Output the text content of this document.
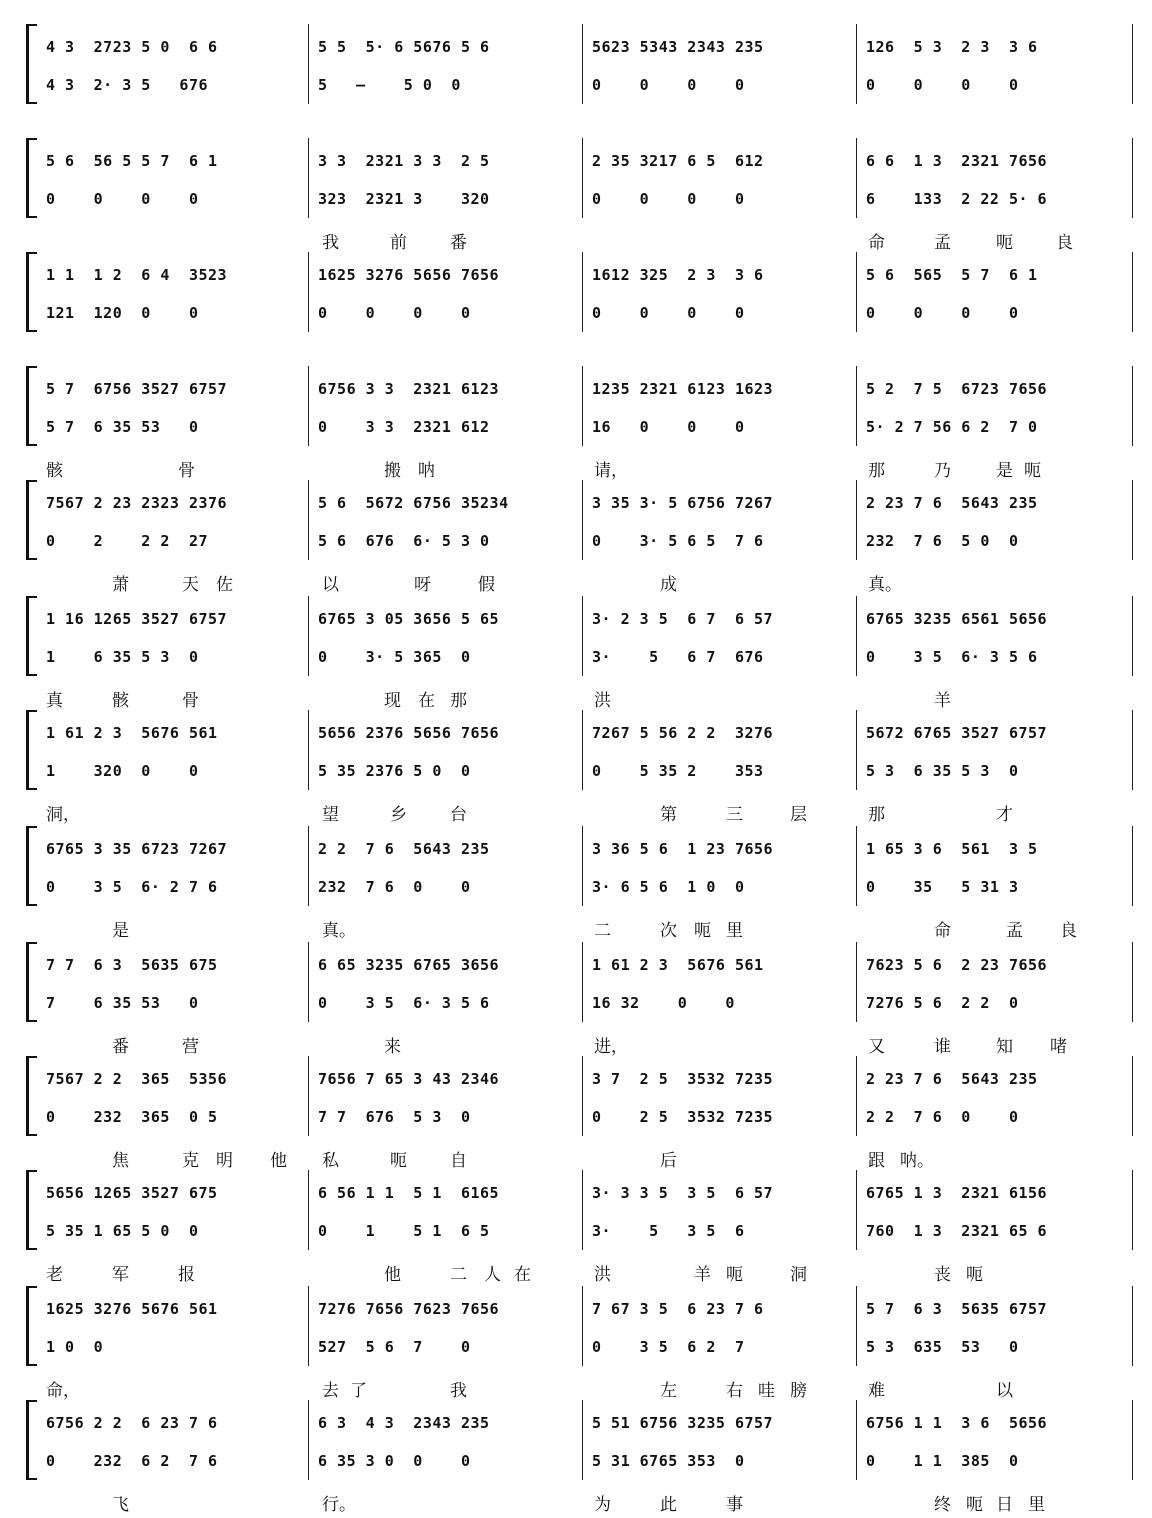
4 3  2723 5 0  6 6
4 3  2· 3 5   676
5 5  5· 6 5676 5 6
5   —    5 0  0
5623 5343 2343 235
0    0    0    0
126  5 3  2 3  3 6
0    0    0    0
5 6  56 5 5 7  6 1
0    0    0    0
3 3  2321 3 3  2 5
323  2321 3    320
2 35 3217 6 5  612
0    0    0    0
6 6  1 3  2321 7656
6    133  2 22 5· 6
我	前	番	命	孟	呃	良
1 1  1 2  6 4  3523
121  120  0    0
1625 3276 5656 7656
0    0    0    0
1612 325  2 3  3 6
0    0    0    0
5 6  565  5 7  6 1
0    0    0    0
5 7  6756 3527 6757
5 7  6 35 53   0
6756 3 3  2321 6123
0    3 3  2321 612
1235 2321 6123 1623
16   0    0    0
5 2  7 5  6723 7656
5· 2 7 56 6 2  7 0
骸	骨	搬 呐	请，	那	乃	是 呃
7567 2 23 2323 2376
0    2    2 2  27
5 6  5672 6756 35234
5 6  676  6· 5 3 0
3 35 3· 5 6756 7267
0    3· 5 6 5  7 6
2 23 7 6  5643 235
232  7 6  5 0  0
萧	天 佐	以	呀	假	成	真。
1 16 1265 3527 6757
1    6 35 5 3  0
6765 3 05 3656 5 65
0    3· 5 365  0
3· 2 3 5  6 7  6 57
3·    5   6 7  676
6765 3235 6561 5656
0    3 5  6· 3 5 6
真	骸	骨	现 在 那	洪	羊
1 61 2 3  5676 561
1    320  0    0
5656 2376 5656 7656
5 35 2376 5 0  0
7267 5 56 2 2  3276
0    5 35 2    353
5672 6765 3527 6757
5 3  6 35 5 3  0
洞，	望	乡	台	第	三	层	那	才
6765 3 35 6723 7267
0    3 5  6· 2 7 6
2 2  7 6  5643 235
232  7 6  0    0
3 36 5 6  1 23 7656
3· 6 5 6  1 0  0
1 65 3 6  561  3 5
0    35   5 31 3
是	真。	二	次 呃 里	命	孟 良
7 7  6 3  5635 675
7    6 35 53   0
6 65 3235 6765 3656
0    3 5  6· 3 5 6
1 61 2 3  5676 561
16 32    0    0
7623 5 6  2 23 7656
7276 5 6  2 2  0
番	营	来	进，	又	谁	知 啫
7567 2 2  365  5356
0    232  365  0 5
7656 7 65 3 43 2346
7 7  676  5 3  0
3 7  2 5  3532 7235
0    2 5  3532 7235
2 23 7 6  5643 235
2 2  7 6  0    0
焦	克 明 他 私	呃	自	后	跟 呐。
5656 1265 3527 675
5 35 1 65 5 0  0
6 56 1 1  5 1  6165
0    1    5 1  6 5
3· 3 3 5  3 5  6 57
3·    5   3 5  6
6765 1 3  2321 6156
760  1 3  2321 65 6
老	军	报	他	二 人 在	洪	羊 呃	洞	丧 呃
1625 3276 5676 561
1 0  0
7276 7656 7623 7656
527  5 6  7    0
7 67 3 5  6 23 7 6
0    3 5  6 2  7
5 7  6 3  5635 6757
5 3  635  53   0
命，	去 了	我	左	右 哇 膀	难	以
6756 2 2  6 23 7 6
0    232  6 2  7 6
6 3  4 3  2343 235
6 35 3 0  0    0
5 51 6756 3235 6757
5 31 6765 353  0
6756 1 1  3 6  5656
0    1 1  385  0
飞	行。	为	此	事	终 呃 日 里
